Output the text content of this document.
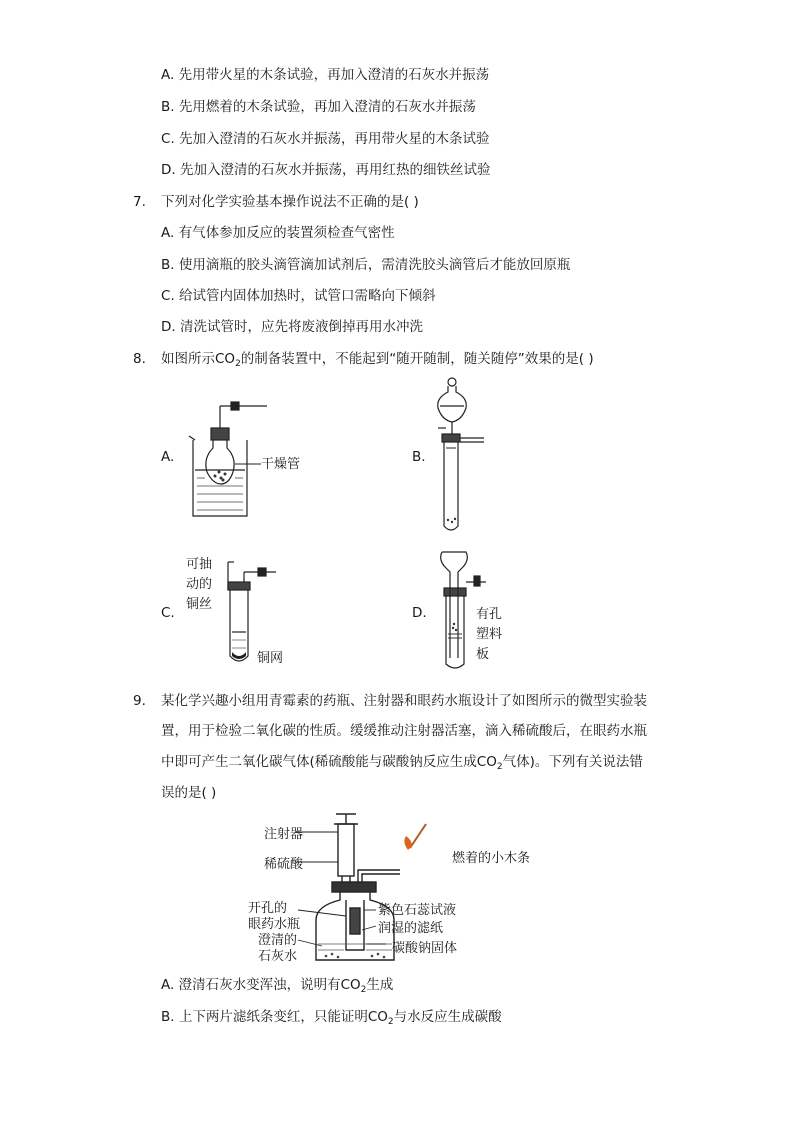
A. 先用带火星的木条试验，再加入澄清的石灰水并振荡
B. 先用燃着的木条试验，再加入澄清的石灰水并振荡
C. 先加入澄清的石灰水并振荡，再用带火星的木条试验
D. 先加入澄清的石灰水并振荡，再用红热的细铁丝试验
7. 下列对化学实验基本操作说法不正确的是( )
A. 有气体参加反应的装置须检查气密性
B. 使用滴瓶的胶头滴管滴加试剂后，需清洗胶头滴管后才能放回原瓶
C. 给试管内固体加热时，试管口需略向下倾斜
D. 清洗试管时，应先将废液倒掉再用水冲洗
8. 如图所示$CO_2$的制备装置中，不能起到“随开随制，随关随停”效果的是( )
A.	干燥管	B.
C.
可抽
动的
铜丝
铜网
D.	有孔
塑料
板
9. 某化学兴趣小组用青霉素的药瓶、注射器和眼药水瓶设计了如图所示的微型实验装
置，用于检验二氧化碳的性质。缓缓推动注射器活塞，滴入稀硫酸后，在眼药水瓶
中即可产生二氧化碳气体(稀硫酸能与碳酸钠反应生成$CO_2$气体)。下列有关说法错
误的是( )
注射器
稀硫酸	燃着的小木条
开孔的
眼药水瓶
澄清的
石灰水
紫色石蕊试液
润湿的滤纸
碳酸钠固体
A. 澄清石灰水变浑浊，说明有$CO_2$生成
B. 上下两片滤纸条变红，只能证明$CO_2$与水反应生成碳酸
